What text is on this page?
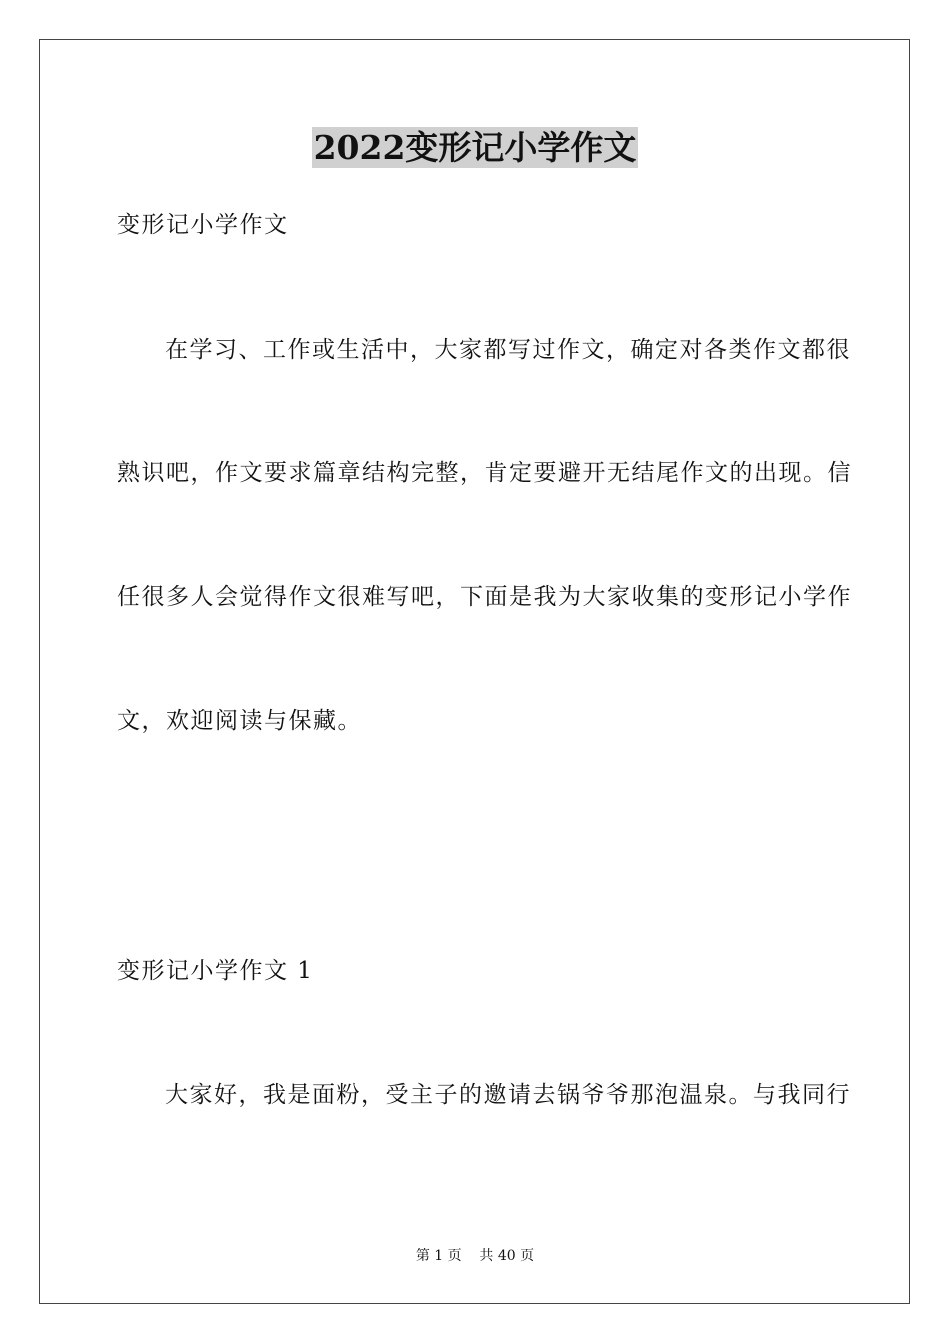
2022变形记小学作文
变形记小学作文
在学习、工作或生活中，大家都写过作文，确定对各类作文都很
熟识吧，作文要求篇章结构完整，肯定要避开无结尾作文的出现。信
任很多人会觉得作文很难写吧，下面是我为大家收集的变形记小学作
文，欢迎阅读与保藏。
变形记小学作文 1
大家好，我是面粉，受主子的邀请去锅爷爷那泡温泉。与我同行
第 1 页    共 40 页
